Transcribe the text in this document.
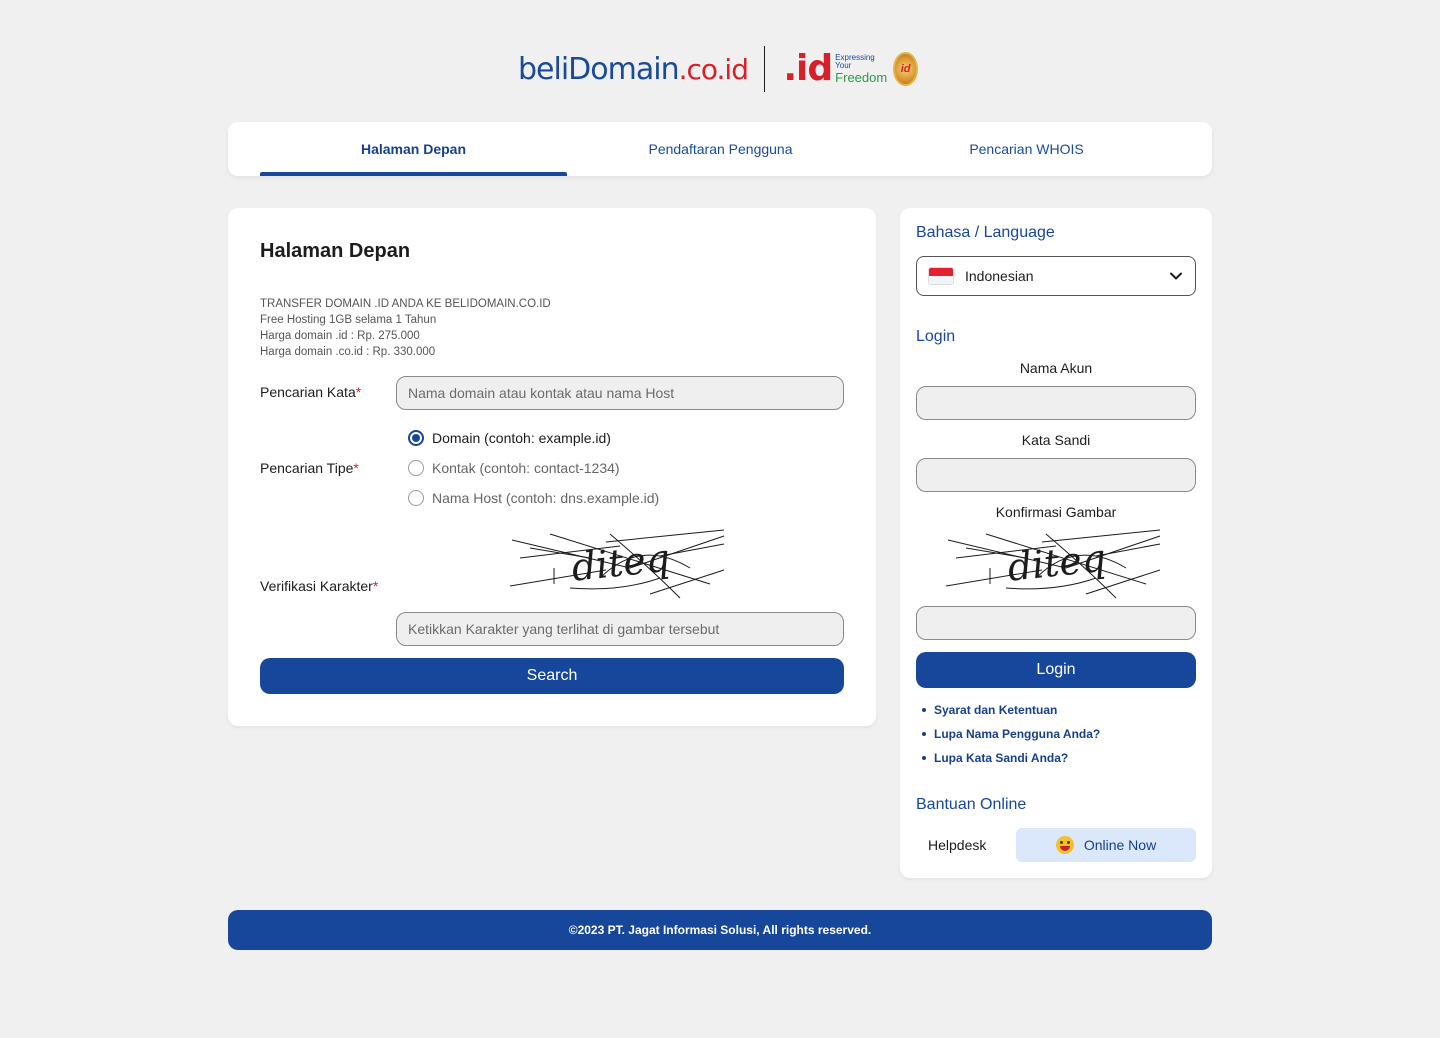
beliDomain .co.id .id Expressing Your
Freedom
id
Halaman Depan	Pendaftaran Pengguna	Pencarian WHOIS
Halaman Depan
TRANSFER DOMAIN .ID ANDA KE BELIDOMAIN.CO.ID
Free Hosting 1GB selama 1 Tahun
Harga domain .id : Rp. 275.000
Harga domain .co.id : Rp. 330.000
Pencarian Kata*
Nama domain atau kontak atau nama Host
Pencarian Tipe*
Domain (contoh: example.id)
Kontak (contoh: contact-1234)
Nama Host (contoh: dns.example.id)
Verifikasi Karakter*	diteq
Ketikkan Karakter yang terlihat di gambar tersebut
Search
Bahasa / Language
Indonesian
Login
Nama Akun
Kata Sandi
Konfirmasi Gambar
diteq
Login
Syarat dan Ketentuan
Lupa Nama Pengguna Anda?
Lupa Kata Sandi Anda?
Bantuan Online
Helpdesk	Online Now
©2023 PT. Jagat Informasi Solusi, All rights reserved.
